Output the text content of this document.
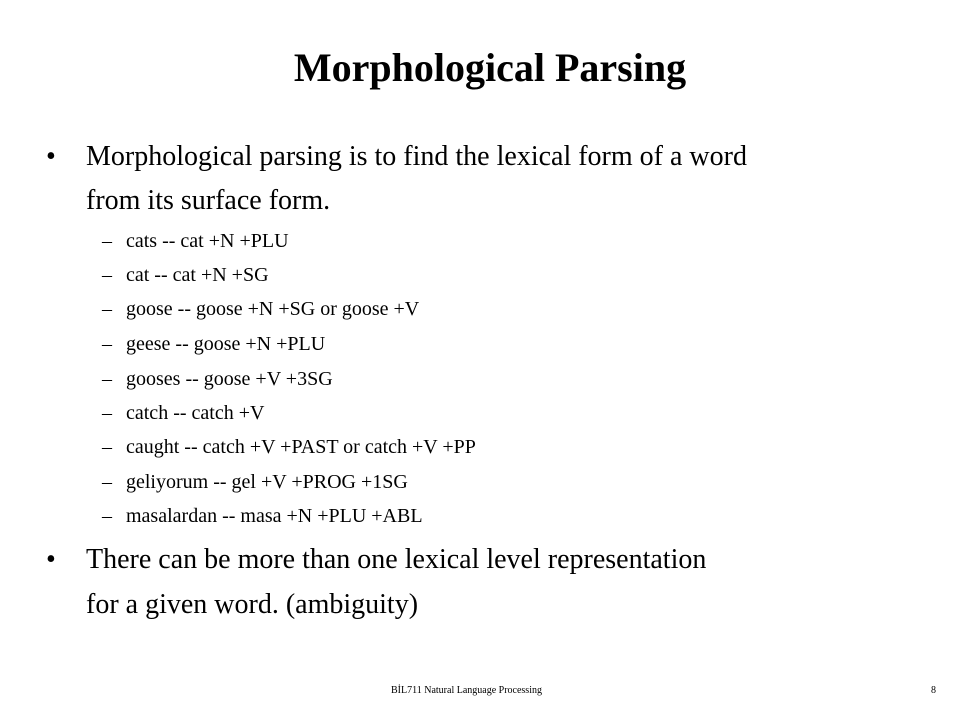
Morphological Parsing
• Morphological parsing is to find the lexical form of a word
from its surface form.
– cats -- cat +N +PLU
– cat -- cat +N +SG
– goose -- goose +N +SG or goose +V
– geese -- goose +N +PLU
– gooses -- goose +V +3SG
– catch -- catch +V
– caught -- catch +V +PAST or catch +V +PP
– geliyorum -- gel +V +PROG +1SG
– masalardan -- masa +N +PLU +ABL
• There can be more than one lexical level representation
for a given word. (ambiguity)
BİL711 Natural Language Processing	8
